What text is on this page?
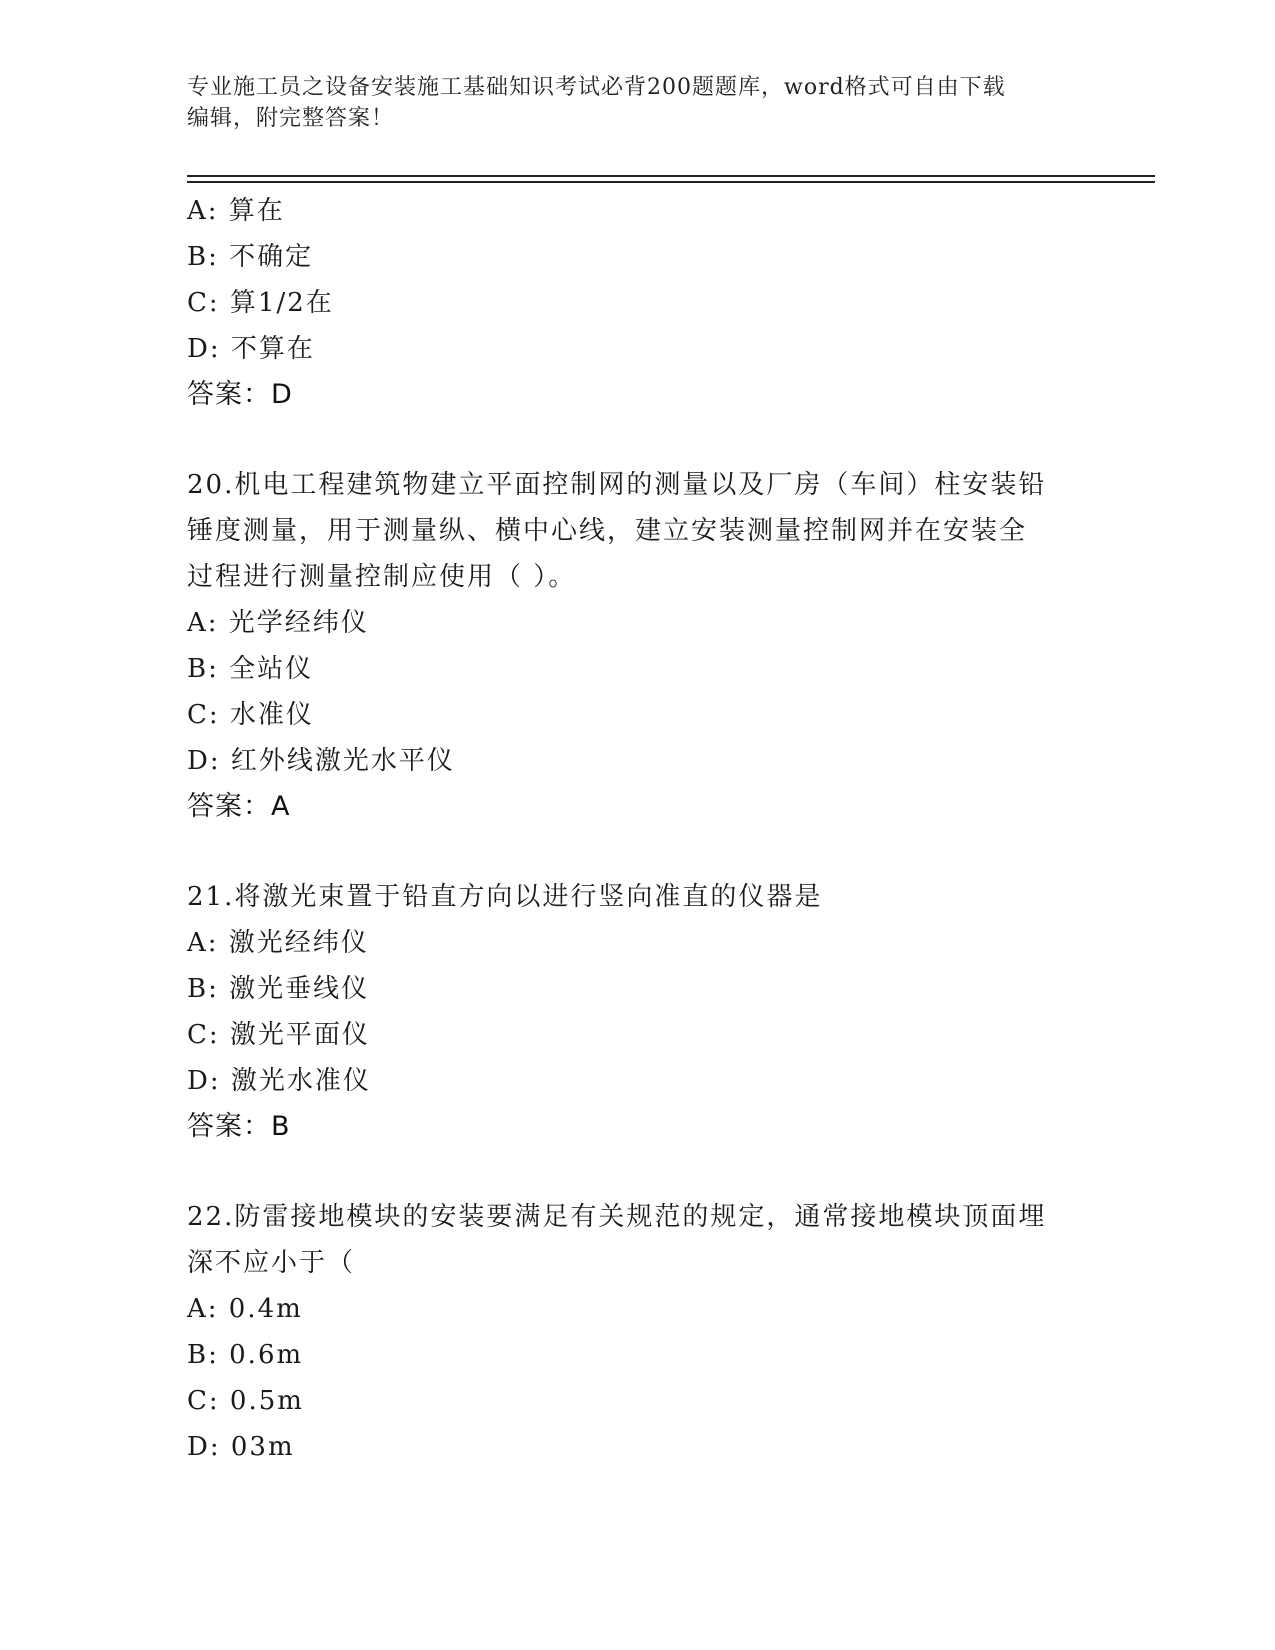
专业施工员之设备安装施工基础知识考试必背200题题库，word格式可自由下载
编辑，附完整答案！
A: 算在
B: 不确定
C: 算1/2在
D: 不算在
答案：D
20.机电工程建筑物建立平面控制网的测量以及厂房（车间）柱安装铅
锤度测量，用于测量纵、横中心线，建立安装测量控制网并在安装全
过程进行测量控制应使用（ ）。
A: 光学经纬仪
B: 全站仪
C: 水准仪
D: 红外线激光水平仪
答案：A
21.将激光束置于铅直方向以进行竖向准直的仪器是
A: 激光经纬仪
B: 激光垂线仪
C: 激光平面仪
D: 激光水准仪
答案：B
22.防雷接地模块的安装要满足有关规范的规定，通常接地模块顶面埋
深不应小于（
A: 0.4m
B: 0.6m
C: 0.5m
D: 03m
